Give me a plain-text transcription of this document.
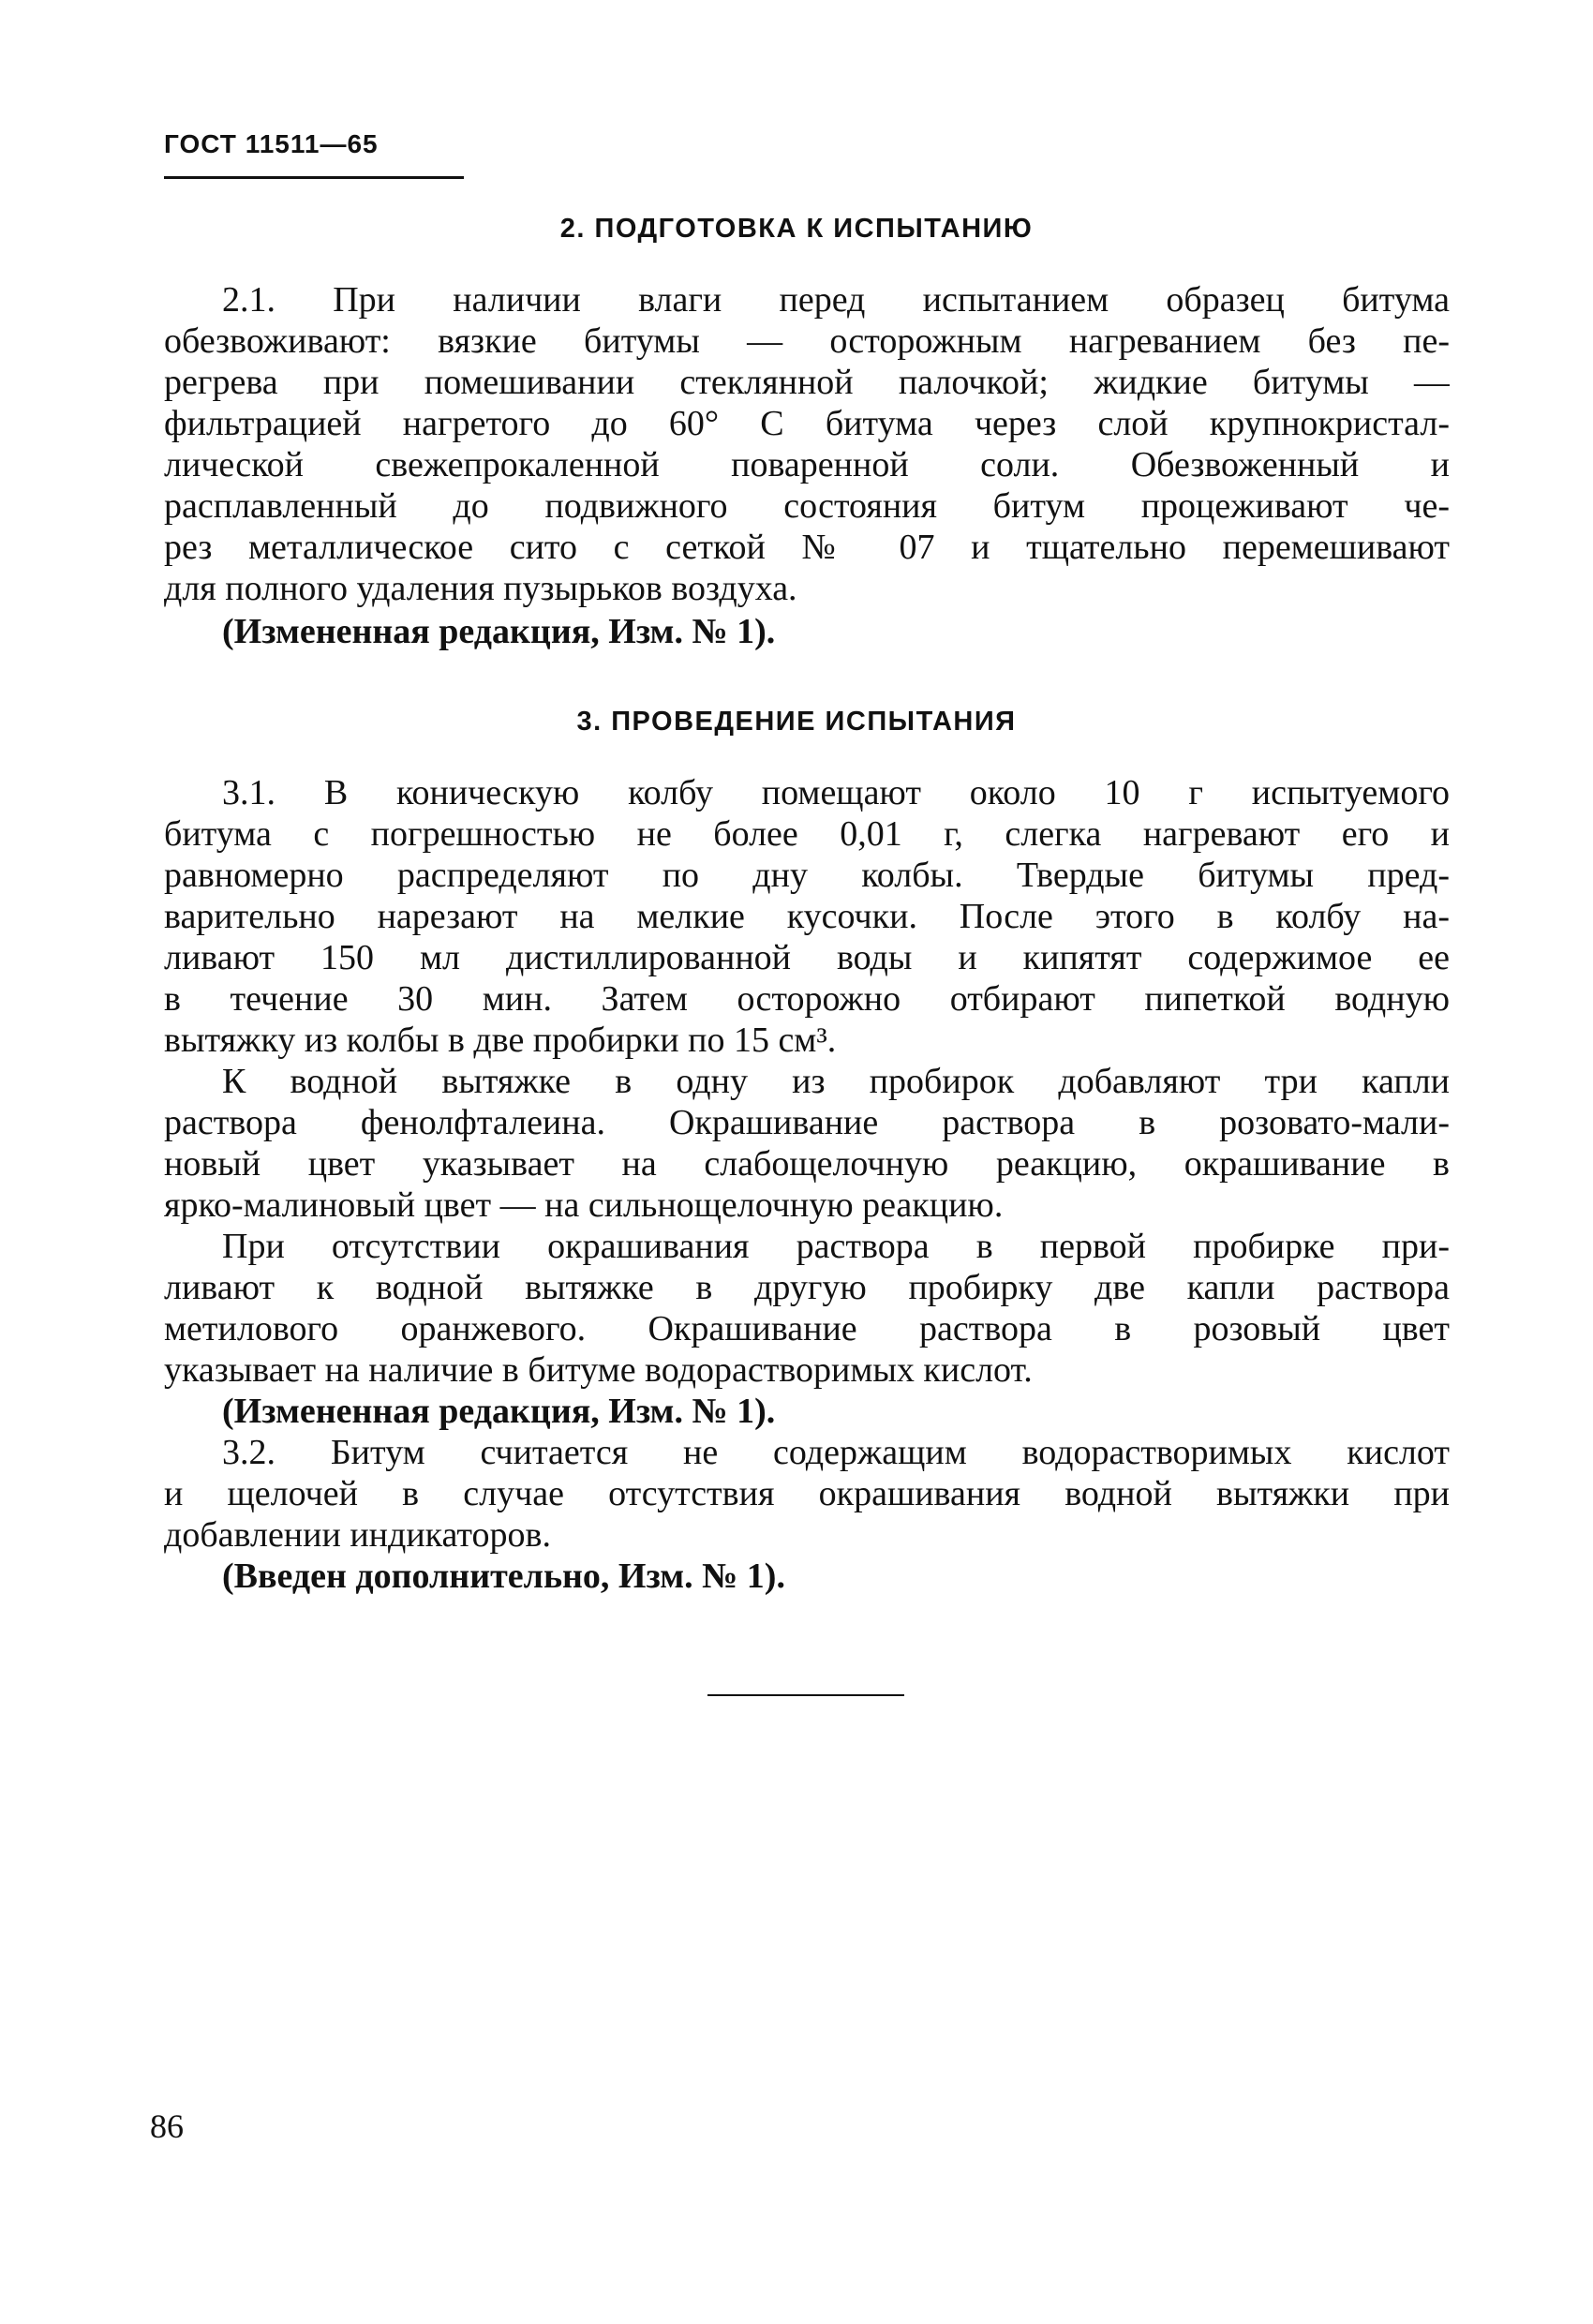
ГОСТ 11511—65
2. ПОДГОТОВКА К ИСПЫТАНИЮ
2.1. При наличии влаги перед испытанием образец битума
обезвоживают: вязкие битумы — осторожным нагреванием без пе-
регрева при помешивании стеклянной палочкой; жидкие битумы —
фильтрацией нагретого до 60° С битума через слой крупнокристал-
лической свежепрокаленной поваренной соли. Обезвоженный и
расплавленный до подвижного состояния битум процеживают че-
рез металлическое сито с сеткой № 07 и тщательно перемешивают
для полного удаления пузырьков воздуха.
(Измененная редакция, Изм. № 1).
3. ПРОВЕДЕНИЕ ИСПЫТАНИЯ
3.1. В коническую колбу помещают около 10 г испытуемого
битума с погрешностью не более 0,01 г, слегка нагревают его и
равномерно распределяют по дну колбы. Твердые битумы пред-
варительно нарезают на мелкие кусочки. После этого в колбу на-
ливают 150 мл дистиллированной воды и кипятят содержимое ее
в течение 30 мин. Затем осторожно отбирают пипеткой водную
вытяжку из колбы в две пробирки по 15 см³.
К водной вытяжке в одну из пробирок добавляют три капли
раствора фенолфталеина. Окрашивание раствора в розовато-мали-
новый цвет указывает на слабощелочную реакцию, окрашивание в
ярко-малиновый цвет — на сильнощелочную реакцию.
При отсутствии окрашивания раствора в первой пробирке при-
ливают к водной вытяжке в другую пробирку две капли раствора
метилового оранжевого. Окрашивание раствора в розовый цвет
указывает на наличие в битуме водорастворимых кислот.
(Измененная редакция, Изм. № 1).
3.2. Битум считается не содержащим водорастворимых кислот
и щелочей в случае отсутствия окрашивания водной вытяжки при
добавлении индикаторов.
(Введен дополнительно, Изм. № 1).
86
